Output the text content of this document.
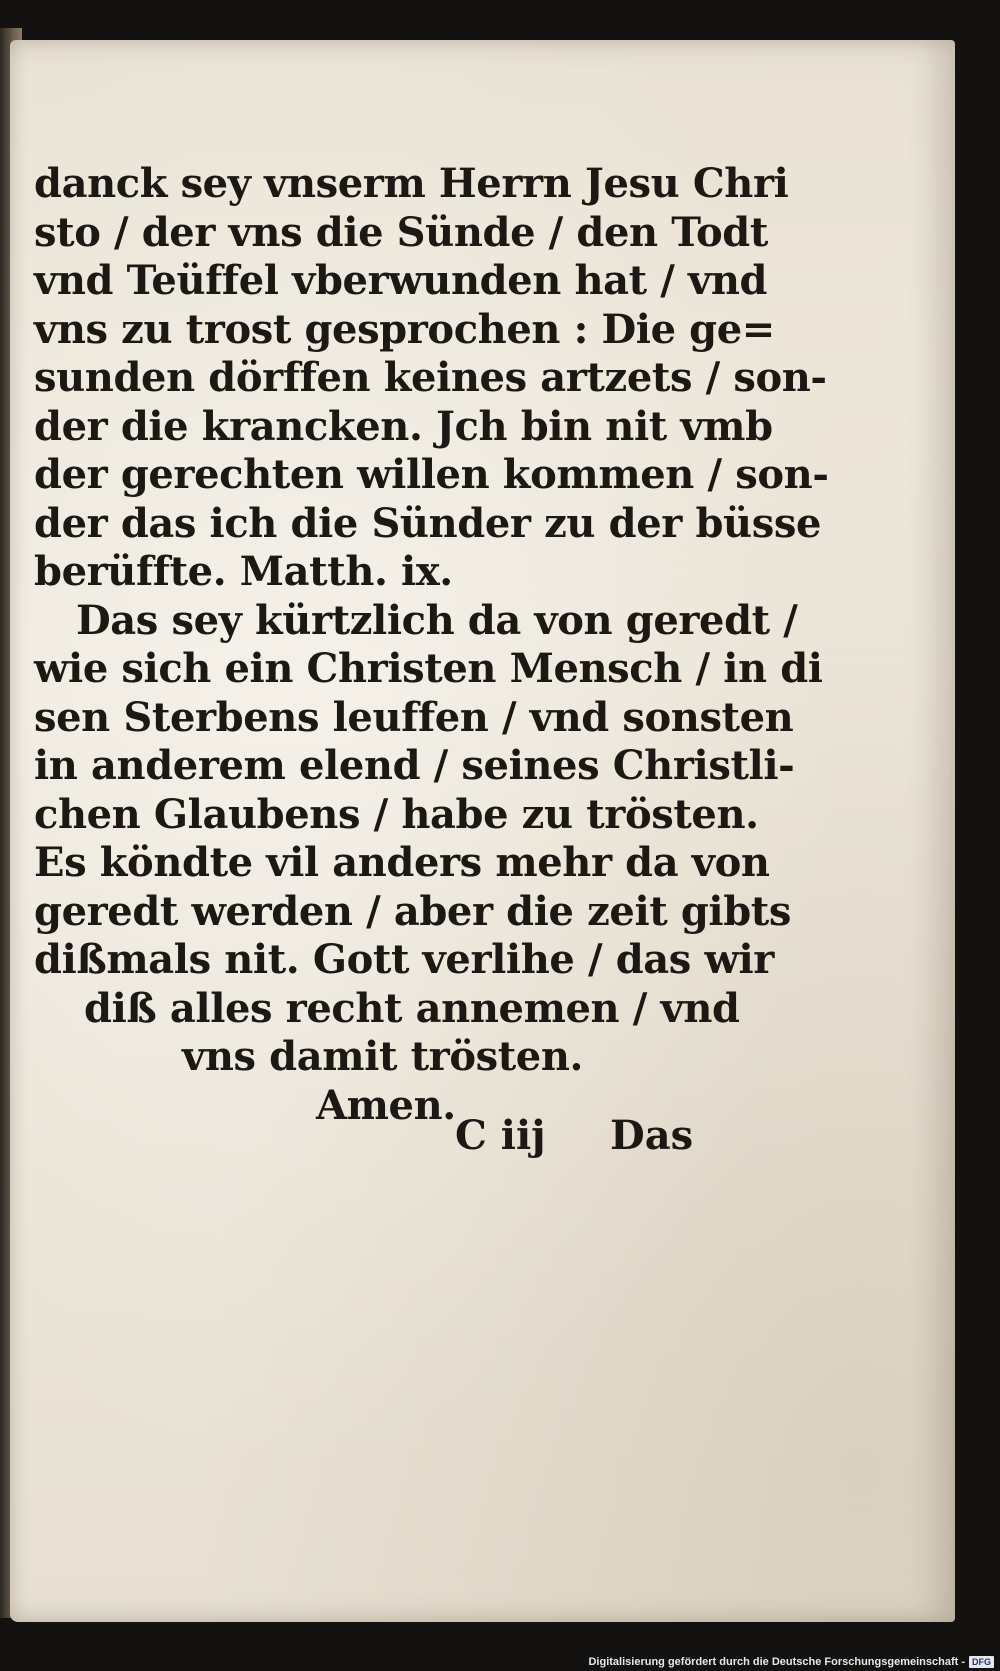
danck sey vnserm Herrn Jesu Chri
sto / der vns die Sünde / den Todt
vnd Teüffel vberwunden hat / vnd
vns zu trost gesprochen : Die ge=
sunden dörffen keines artzets / son-
der die krancken. Jch bin nit vmb
der gerechten willen kommen / son-
der das ich die Sünder zu der büsse
berüffte. Matth. ix.
Das sey kürtzlich da von geredt /
wie sich ein Christen Mensch / in di
sen Sterbens leuffen / vnd sonsten
in anderem elend / seines Christli-
chen Glaubens / habe zu trösten.
Es köndte vil anders mehr da von
geredt werden / aber die zeit gibts
dißmals nit. Gott verlihe / das wir
diß alles recht annemen / vnd
vns damit trösten.
Amen.
C iij Das
Digitalisierung gefördert durch die Deutsche Forschungsgemeinschaft - DFG
